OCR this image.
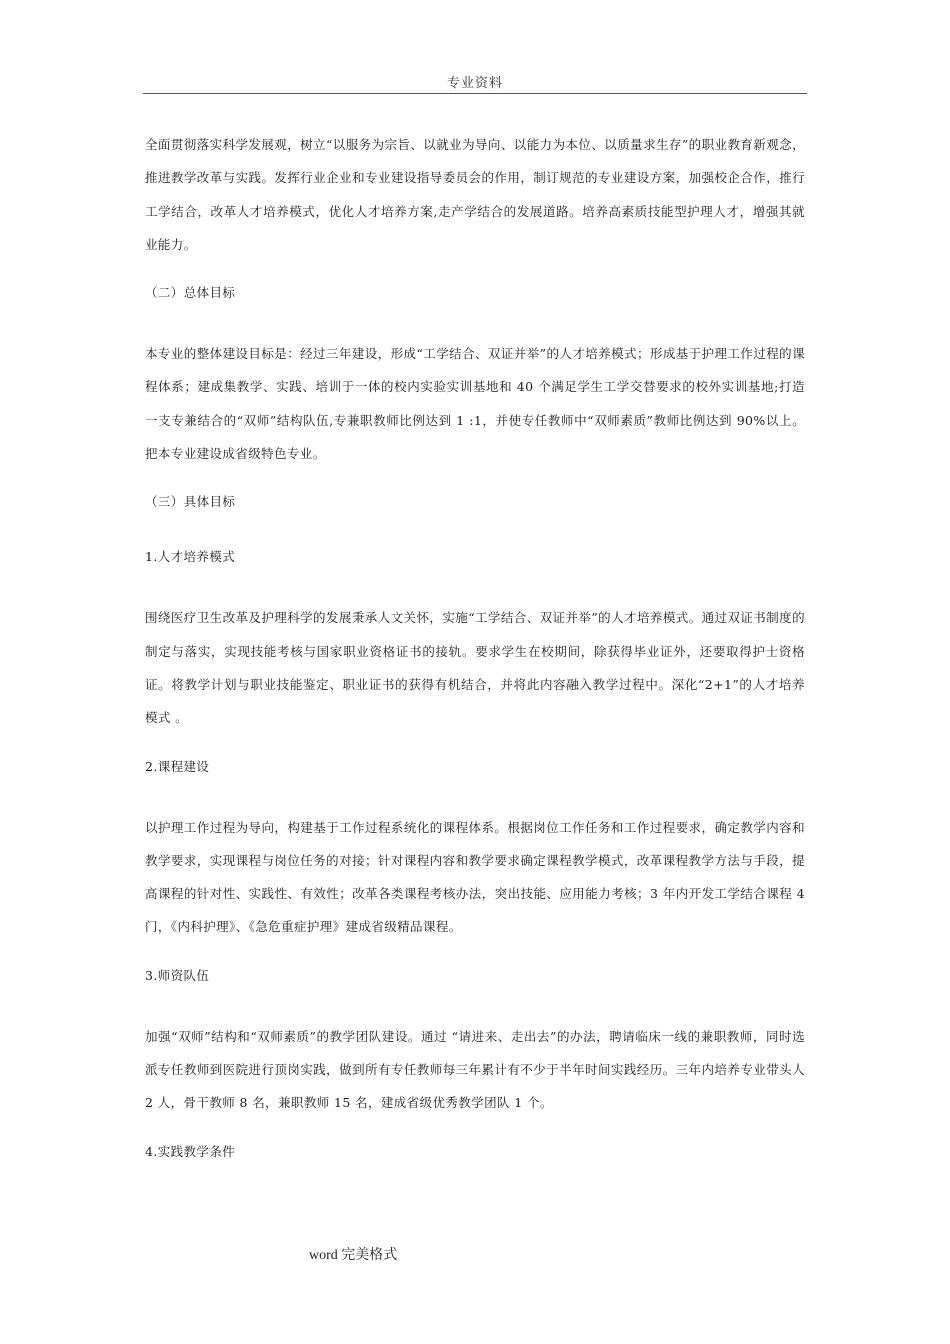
专业资料

全面贯彻落实科学发展观，树立“以服务为宗旨、以就业为导向、以能力为本位、以质量求生存”的职业教育新观念，推进教学改革与实践。发挥行业企业和专业建设指导委员会的作用，制订规范的专业建设方案，加强校企合作，推行工学结合，改革人才培养模式，优化人才培养方案,走产学结合的发展道路。培养高素质技能型护理人才，增强其就业能力。

（二）总体目标

本专业的整体建设目标是：经过三年建设，形成“工学结合、双证并举”的人才培养模式；形成基于护理工作过程的课程体系；建成集教学、实践、培训于一体的校内实验实训基地和 40 个满足学生工学交替要求的校外实训基地;打造一支专兼结合的“双师”结构队伍,专兼职教师比例达到 1 :1，并使专任教师中“双师素质”教师比例达到 90%以上。把本专业建设成省级特色专业。

（三）具体目标

1.人才培养模式

围绕医疗卫生改革及护理科学的发展秉承人文关怀，实施“工学结合、双证并举”的人才培养模式。通过双证书制度的制定与落实，实现技能考核与国家职业资格证书的接轨。要求学生在校期间，除获得毕业证外，还要取得护士资格证。将教学计划与职业技能鉴定、职业证书的获得有机结合，并将此内容融入教学过程中。深化“2+1”的人才培养模式 。

2.课程建设

以护理工作过程为导向，构建基于工作过程系统化的课程体系。根据岗位工作任务和工作过程要求，确定教学内容和教学要求，实现课程与岗位任务的对接；针对课程内容和教学要求确定课程教学模式，改革课程教学方法与手段，提高课程的针对性、实践性、有效性；改革各类课程考核办法，突出技能、应用能力考核；3 年内开发工学结合课程 4 门，《内科护理》、《急危重症护理》建成省级精品课程。

3.师资队伍

加强“双师”结构和“双师素质”的教学团队建设。通过 “请进来、走出去”的办法，聘请临床一线的兼职教师，同时选派专任教师到医院进行顶岗实践，做到所有专任教师每三年累计有不少于半年时间实践经历。三年内培养专业带头人 2 人，骨干教师 8 名，兼职教师 15 名，建成省级优秀教学团队 1 个。

4.实践教学条件

word 完美格式
